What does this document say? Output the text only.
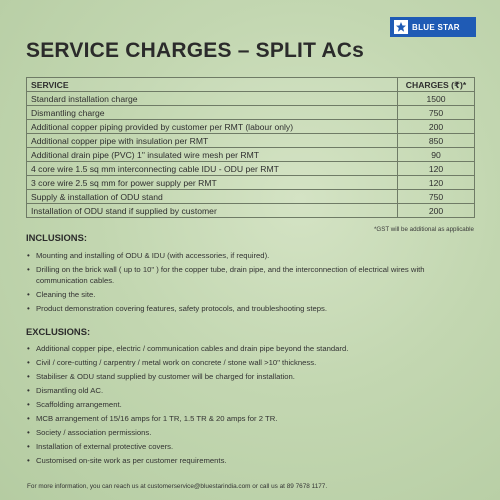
BLUE STAR
SERVICE CHARGES – SPLIT ACs
SERVICE	CHARGES (₹)*
Standard installation charge	1500
Dismantling charge	750
Additional copper piping provided by customer per RMT (labour only)	200
Additional copper pipe with insulation per RMT	850
Additional drain pipe (PVC) 1" insulated wire mesh per RMT	90
4 core wire 1.5 sq mm interconnecting cable IDU - ODU per RMT	120
3 core wire 2.5 sq mm for power supply per RMT	120
Supply & installation of ODU stand	750
Installation of ODU stand if supplied by customer	200
*GST will be additional as applicable
INCLUSIONS:
• Mounting and installing of ODU & IDU (with accessories, if required).
• Drilling on the brick wall ( up to 10" ) for the copper tube, drain pipe, and the interconnection of electrical wires with communication cables.
• Cleaning the site.
• Product demonstration covering features, safety protocols, and troubleshooting steps.
EXCLUSIONS:
• Additional copper pipe, electric / communication cables and drain pipe beyond the standard.
• Civil / core-cutting / carpentry / metal work on concrete / stone wall >10" thickness.
• Stabiliser & ODU stand supplied by customer will be charged for installation.
• Dismantling old AC.
• Scaffolding arrangement.
• MCB arrangement of 15/16 amps for 1 TR, 1.5 TR & 20 amps for 2 TR.
• Society / association permissions.
• Installation of external protective covers.
• Customised on-site work as per customer requirements.
For more information, you can reach us at customerservice@bluestarindia.com or call us at 89 7678 1177.
